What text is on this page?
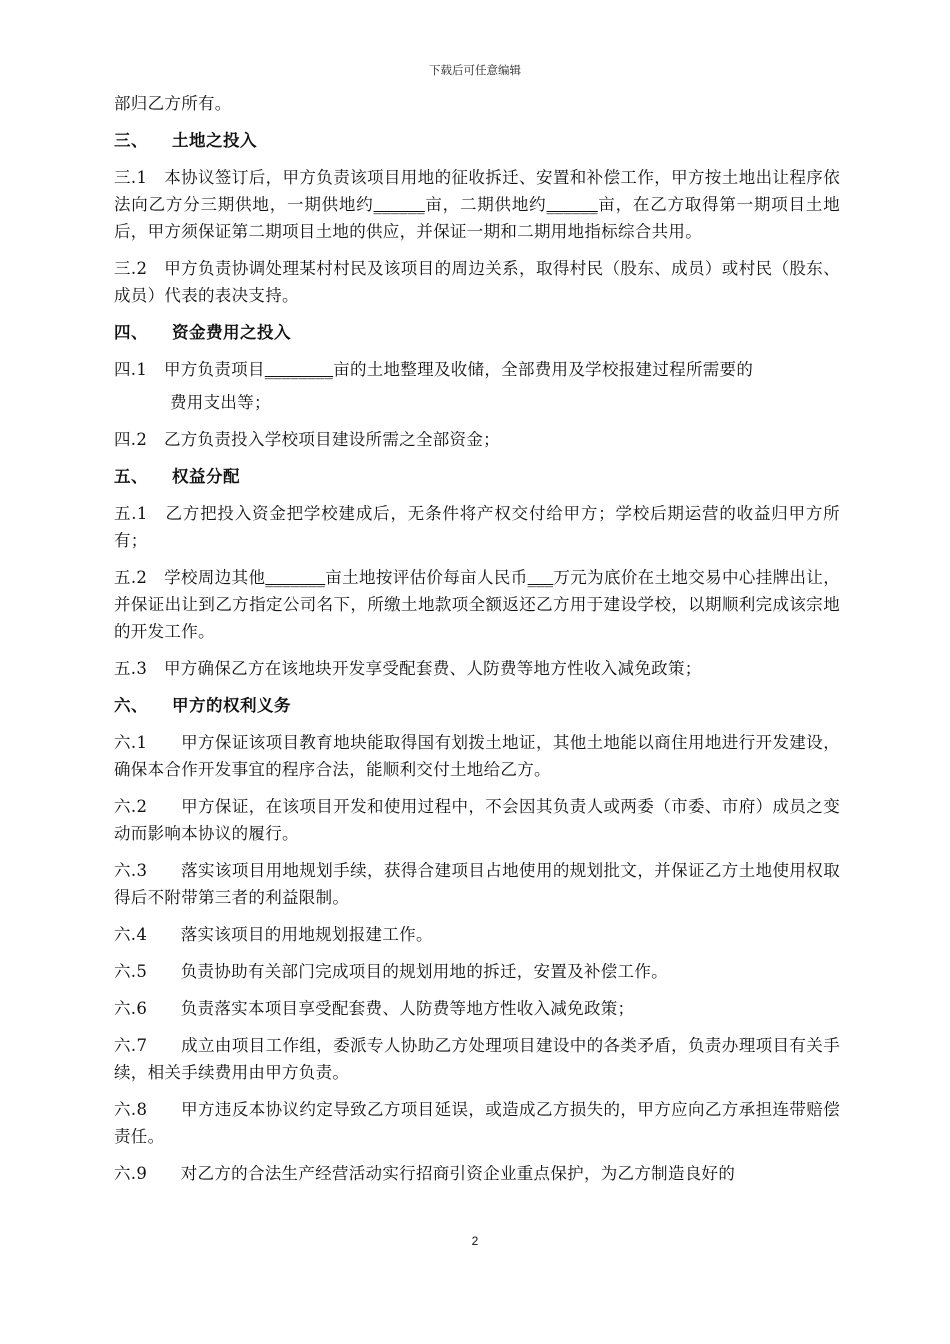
下载后可任意编辑

部归乙方所有。

三、 土地之投入

三.1　本协议签订后，甲方负责该项目用地的征收拆迁、安置和补偿工作，甲方按土地出让程序依法向乙方分三期供地，一期供地约______亩，二期供地约______亩，在乙方取得第一期项目土地后，甲方须保证第二期项目土地的供应，并保证一期和二期用地指标综合共用。

三.2　甲方负责协调处理某村村民及该项目的周边关系，取得村民（股东、成员）或村民（股东、成员）代表的表决支持。

四、 资金费用之投入

四.1　甲方负责项目________亩的土地整理及收储，全部费用及学校报建过程所需要的

费用支出等；

四.2　乙方负责投入学校项目建设所需之全部资金；

五、 权益分配

五.1　乙方把投入资金把学校建成后，无条件将产权交付给甲方；学校后期运营的收益归甲方所有；

五.2　学校周边其他_______亩土地按评估价每亩人民币___万元为底价在土地交易中心挂牌出让，并保证出让到乙方指定公司名下，所缴土地款项全额返还乙方用于建设学校，以期顺利完成该宗地的开发工作。

五.3　甲方确保乙方在该地块开发享受配套费、人防费等地方性收入减免政策；

六、 甲方的权利义务

六.1　　甲方保证该项目教育地块能取得国有划拨土地证，其他土地能以商住用地进行开发建设，确保本合作开发事宜的程序合法，能顺利交付土地给乙方。

六.2　　甲方保证，在该项目开发和使用过程中，不会因其负责人或两委（市委、市府）成员之变动而影响本协议的履行。

六.3　　落实该项目用地规划手续，获得合建项目占地使用的规划批文，并保证乙方土地使用权取得后不附带第三者的利益限制。

六.4　　落实该项目的用地规划报建工作。

六.5　　负责协助有关部门完成项目的规划用地的拆迁，安置及补偿工作。

六.6　　负责落实本项目享受配套费、人防费等地方性收入减免政策；

六.7　　成立由项目工作组，委派专人协助乙方处理项目建设中的各类矛盾，负责办理项目有关手续，相关手续费用由甲方负责。

六.8　　甲方违反本协议约定导致乙方项目延误，或造成乙方损失的，甲方应向乙方承担连带赔偿责任。

六.9　　对乙方的合法生产经营活动实行招商引资企业重点保护，为乙方制造良好的

2
